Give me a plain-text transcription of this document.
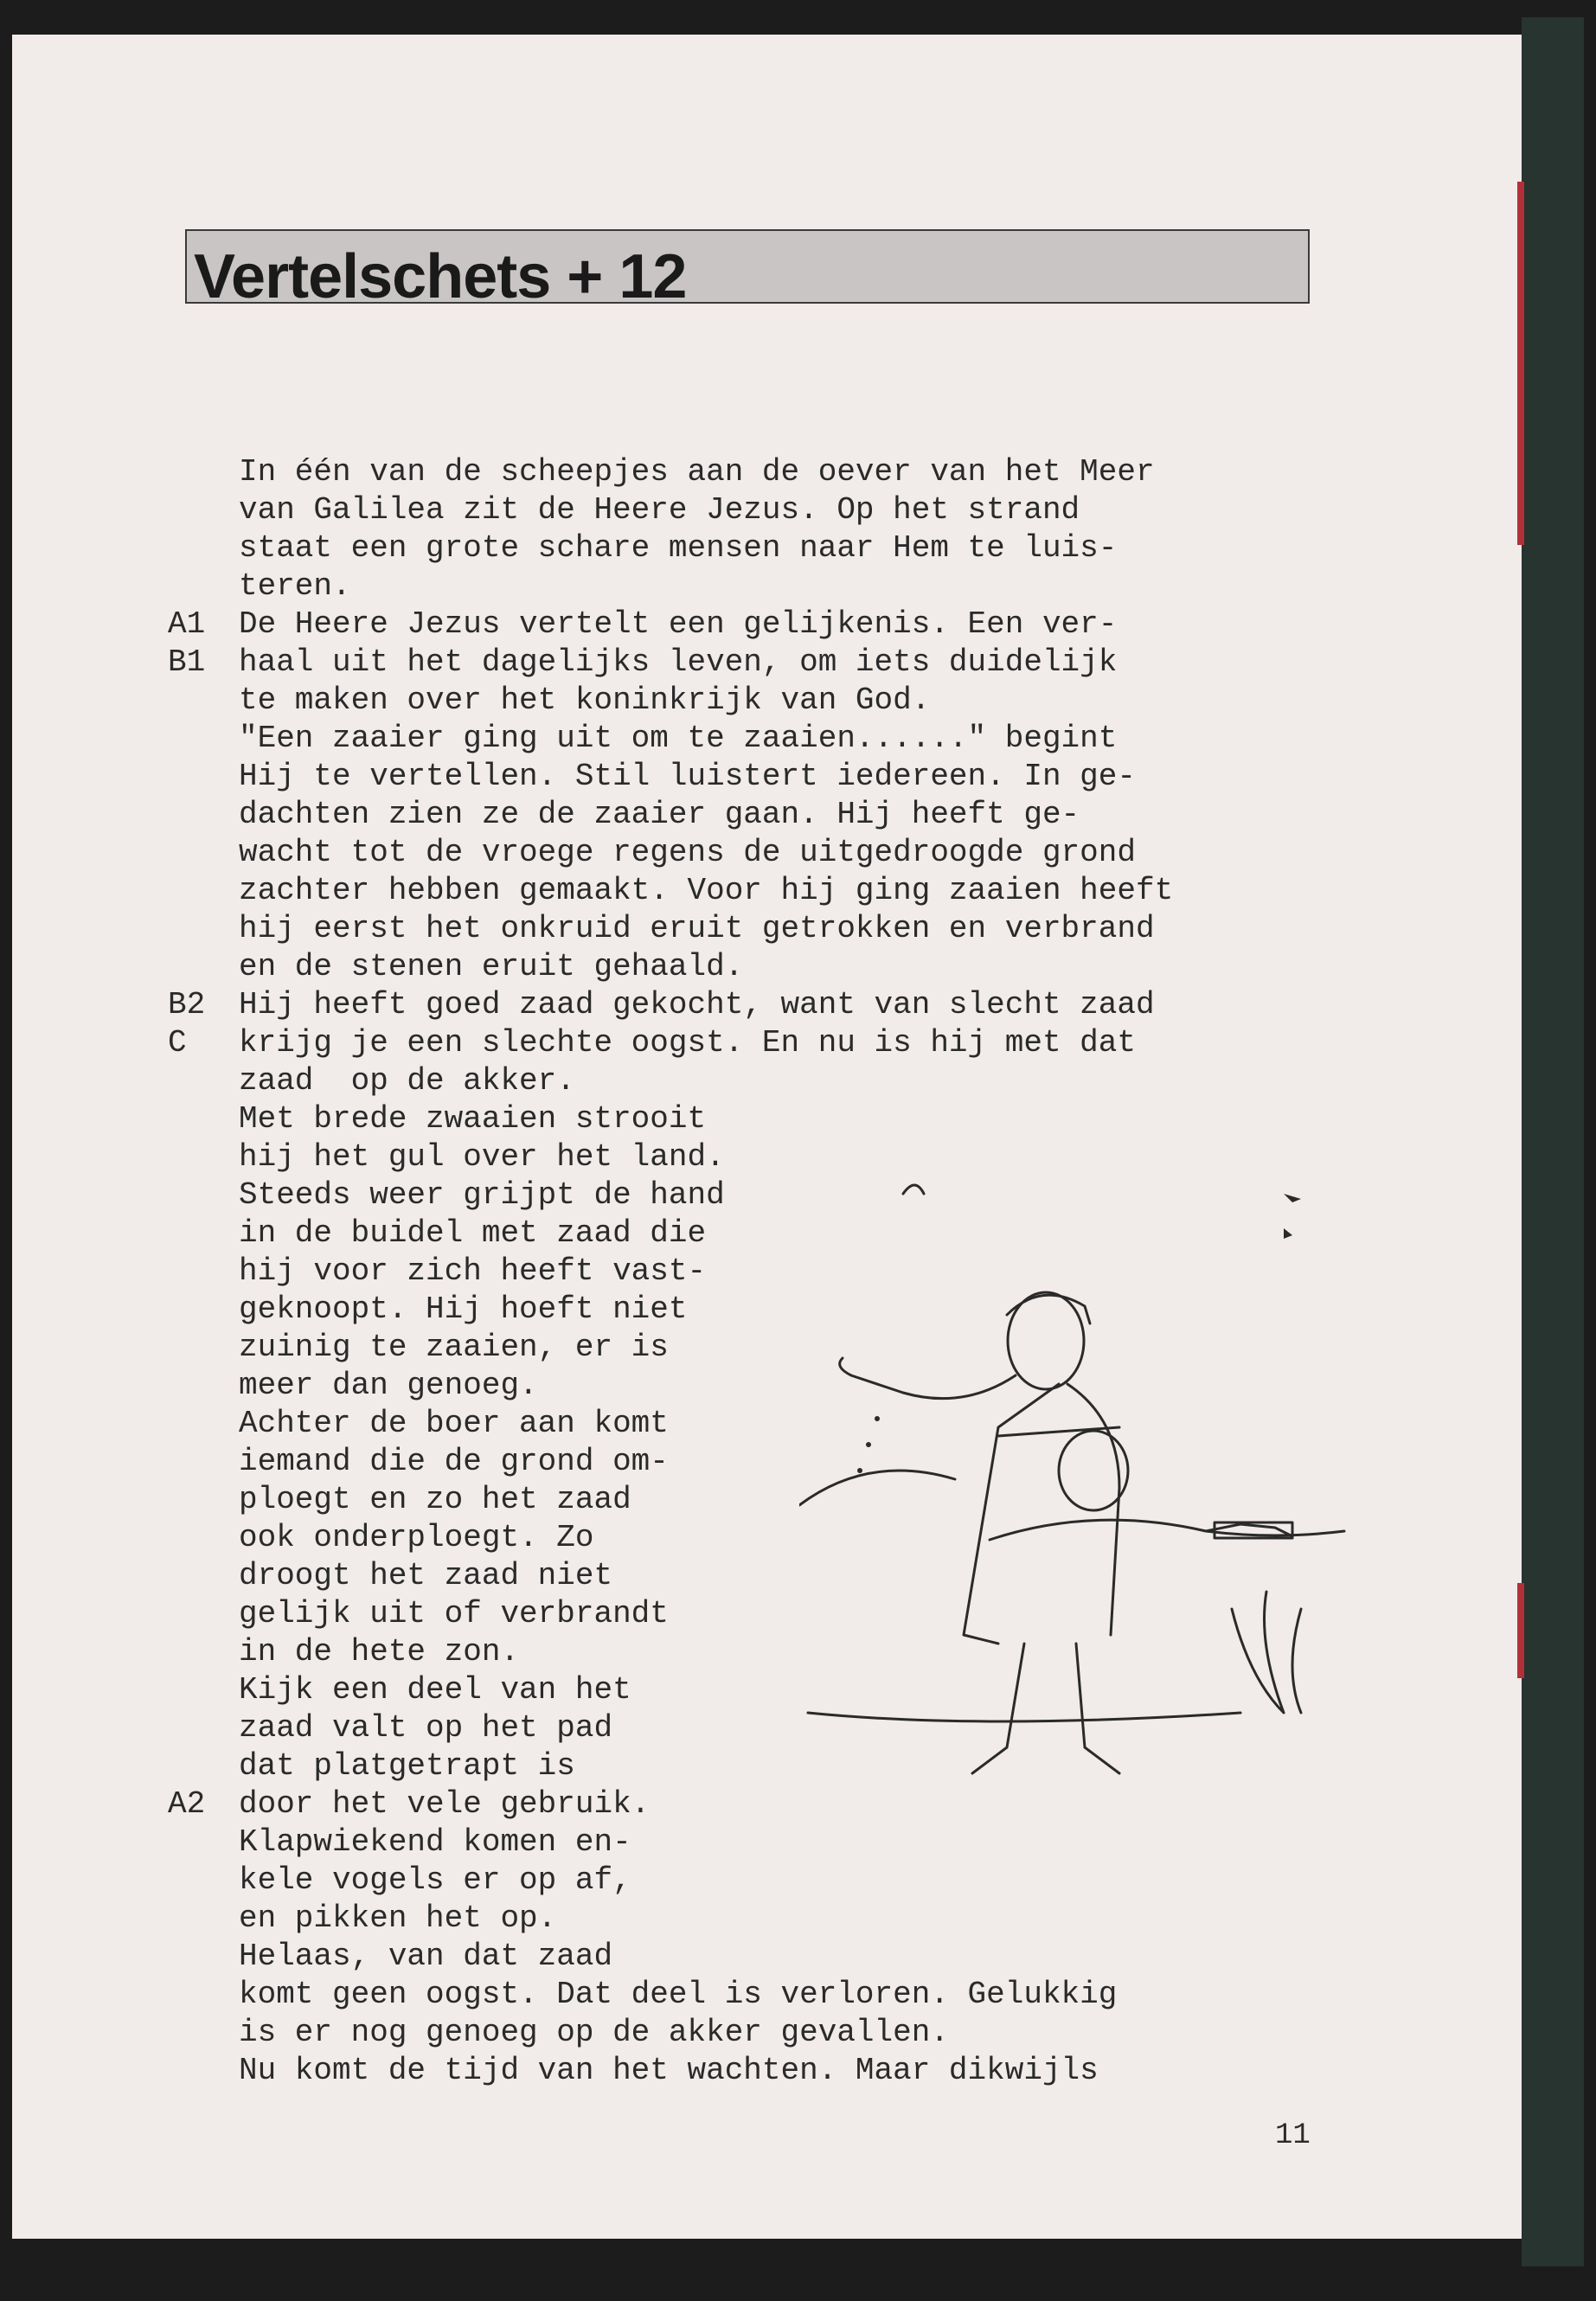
Vertelschets + 12
A1
B1
B2
C
A2

In één van de scheepjes aan de oever van het Meer

van Galilea zit de Heere Jezus. Op het strand

staat een grote schare mensen naar Hem te luis-

teren.

De Heere Jezus vertelt een gelijkenis. Een ver-

haal uit het dagelijks leven, om iets duidelijk

te maken over het koninkrijk van God.

"Een zaaier ging uit om te zaaien......" begint

Hij te vertellen. Stil luistert iedereen. In ge-

dachten zien ze de zaaier gaan. Hij heeft ge-

wacht tot de vroege regens de uitgedroogde grond

zachter hebben gemaakt. Voor hij ging zaaien heeft

hij eerst het onkruid eruit getrokken en verbrand

en de stenen eruit gehaald.

Hij heeft goed zaad gekocht, want van slecht zaad

krijg je een slechte oogst. En nu is hij met dat

zaad  op de akker.

Met brede zwaaien strooit

hij het gul over het land.

Steeds weer grijpt de hand

in de buidel met zaad die

hij voor zich heeft vast-

geknoopt. Hij hoeft niet

zuinig te zaaien, er is

meer dan genoeg.

Achter de boer aan komt

iemand die de grond om-

ploegt en zo het zaad

ook onderploegt. Zo

droogt het zaad niet

gelijk uit of verbrandt

in de hete zon.

Kijk een deel van het

zaad valt op het pad

dat platgetrapt is

door het vele gebruik.

Klapwiekend komen en-

kele vogels er op af,

en pikken het op.

Helaas, van dat zaad

komt geen oogst. Dat deel is verloren. Gelukkig

is er nog genoeg op de akker gevallen.

Nu komt de tijd van het wachten. Maar dikwijls

11
